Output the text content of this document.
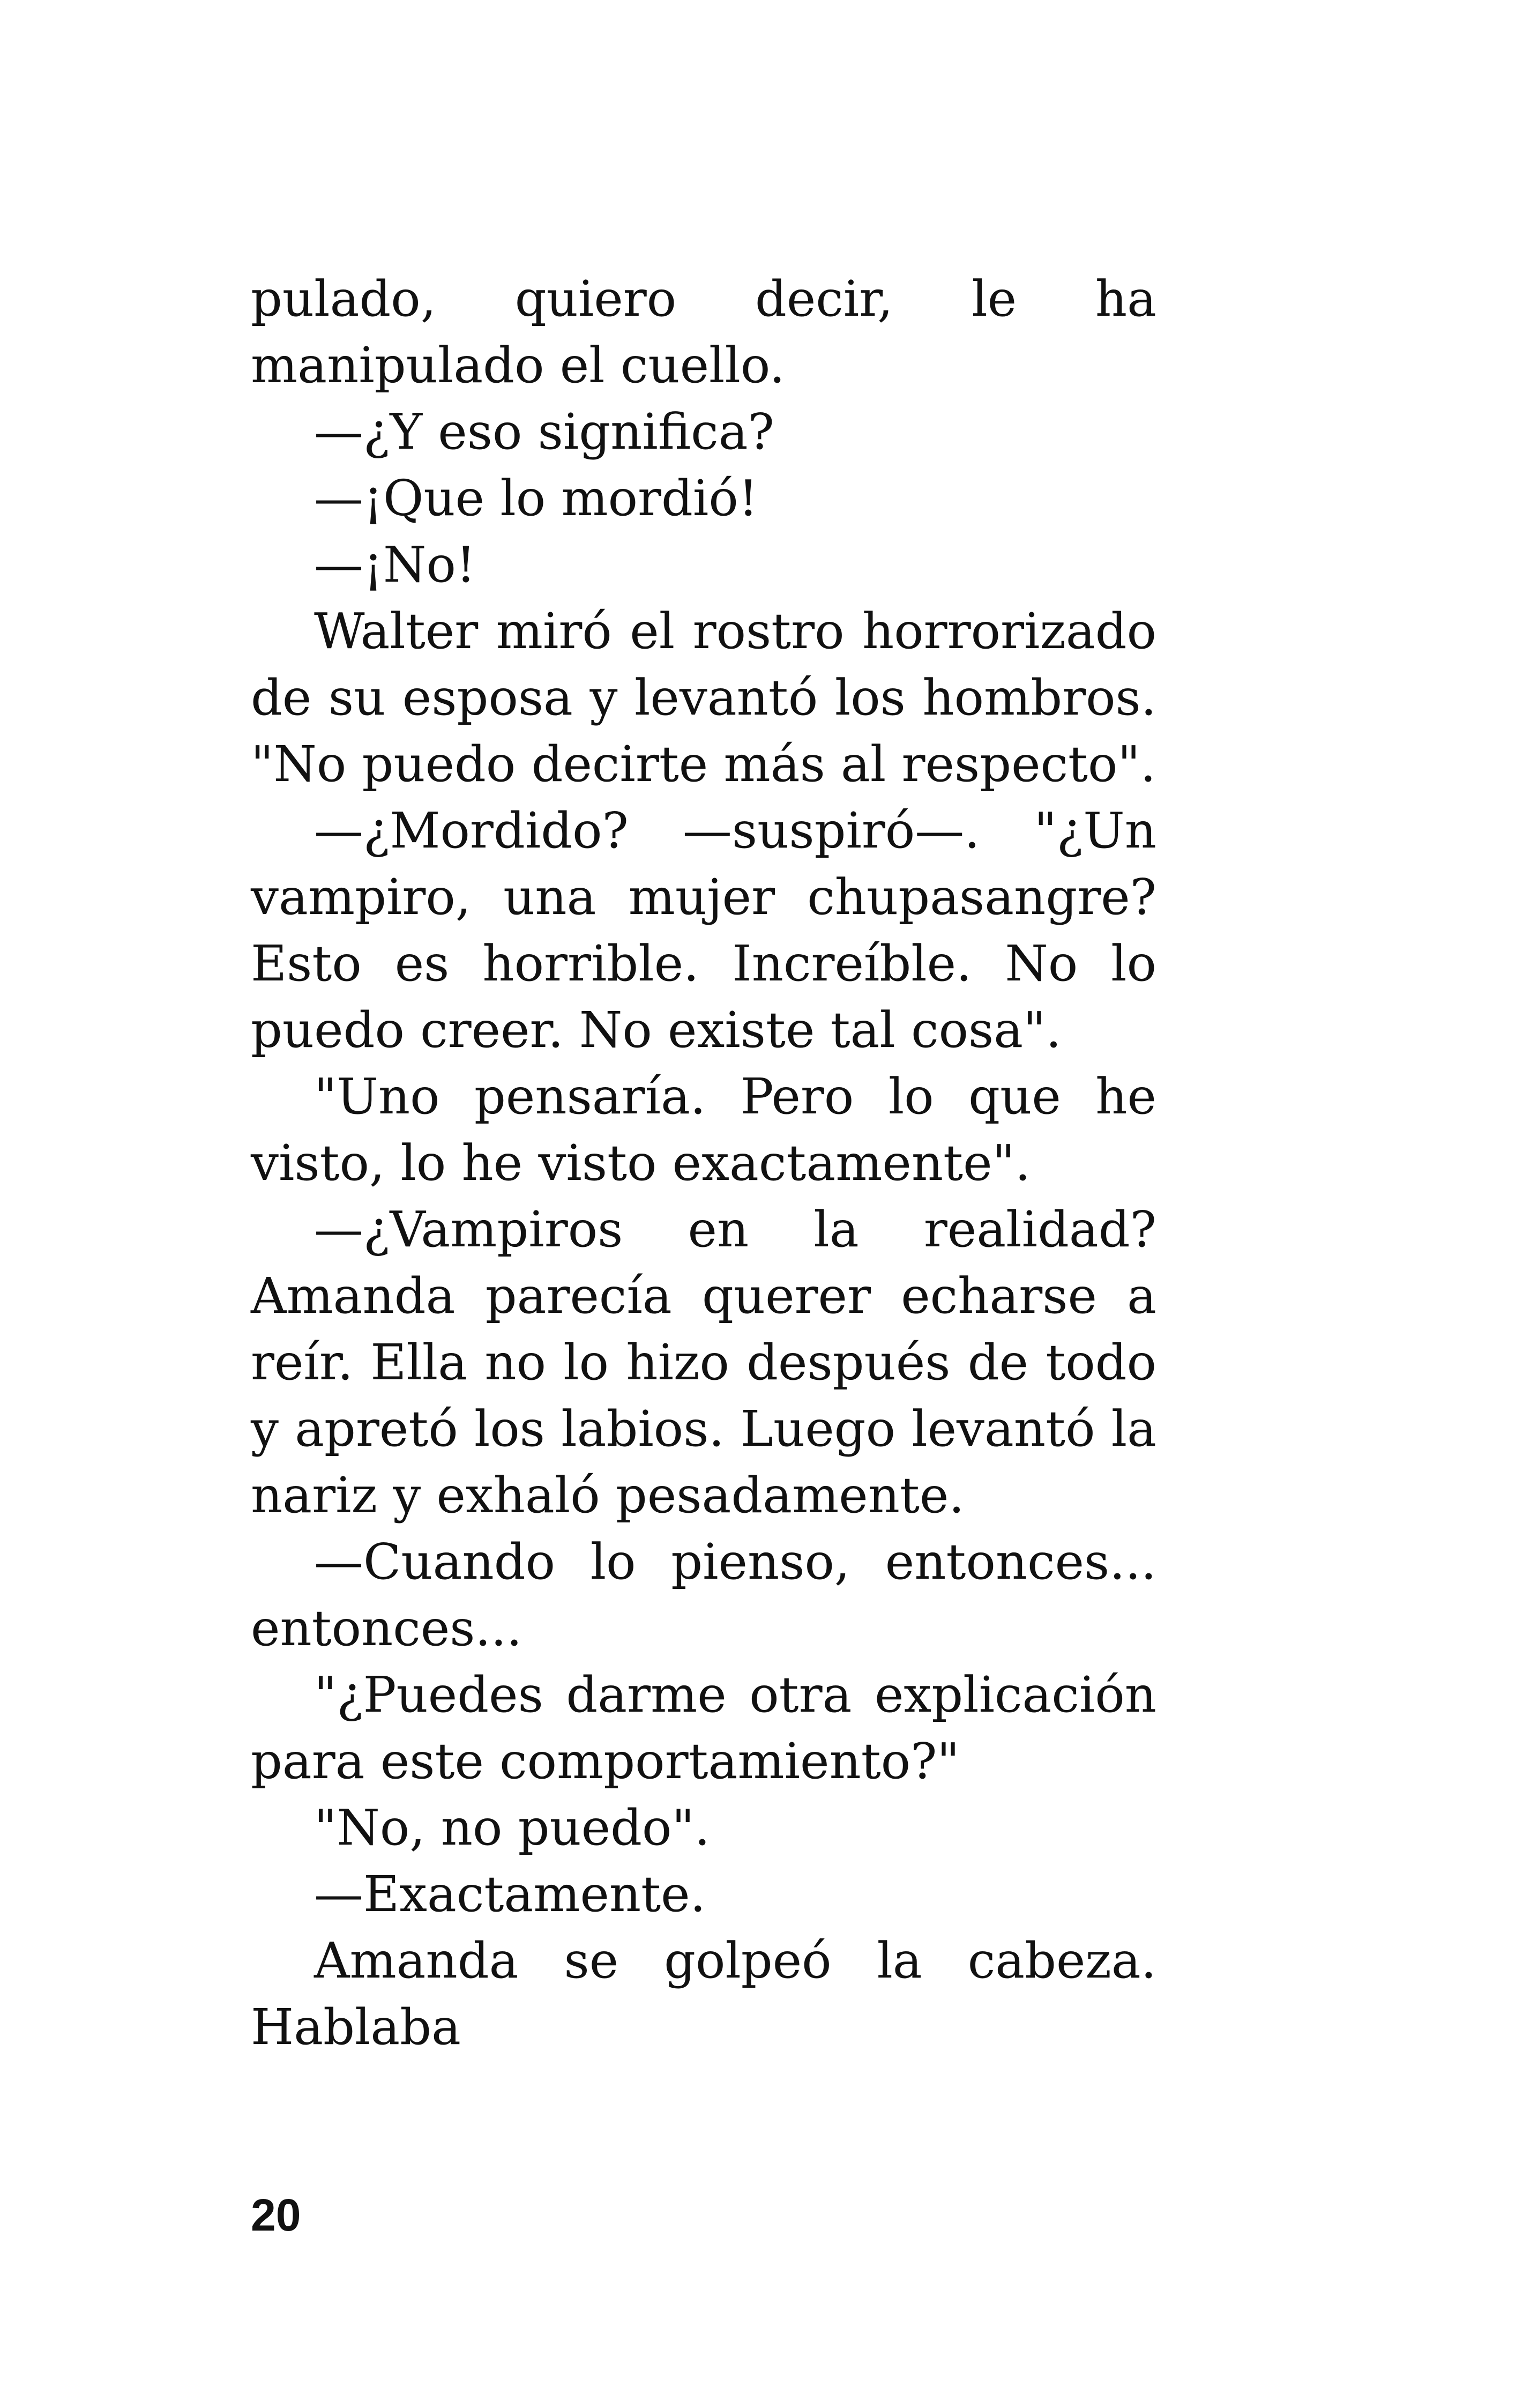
pulado, quiero decir, le ha manipulado el cuello.

—¿Y eso significa?

—¡Que lo mordió!

—¡No!

Walter miró el rostro horrorizado de su esposa y levantó los hombros. "No puedo decirte más al respecto".

—¿Mordido? —suspiró—. "¿Un vampiro, una mujer chupasangre? Esto es horrible. Increíble. No lo puedo creer. No existe tal cosa".

"Uno pensaría. Pero lo que he visto, lo he visto exactamente".

—¿Vampiros en la realidad? Amanda parecía querer echarse a reír. Ella no lo hizo después de todo y apretó los labios. Luego levantó la nariz y exhaló pesadamente.

—Cuando lo pienso, entonces... entonces...

"¿Puedes darme otra explicación para este comportamiento?"

"No, no puedo".

—Exactamente.

Amanda se golpeó la cabeza. Hablaba

20
